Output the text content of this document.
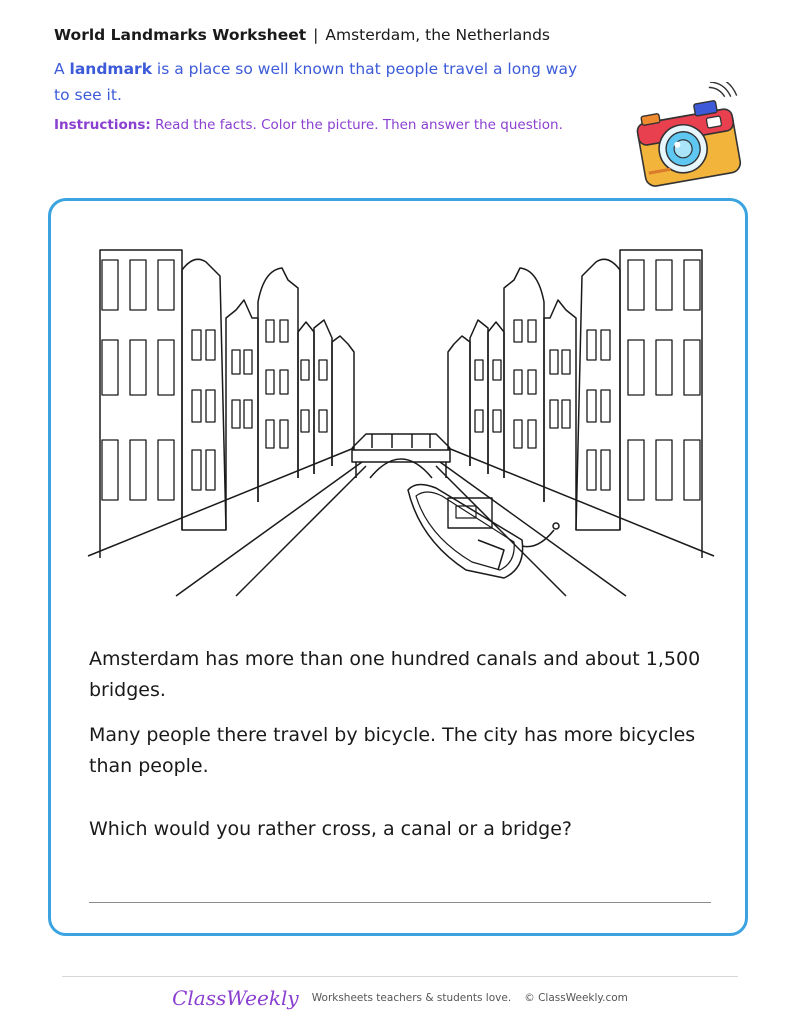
World Landmarks Worksheet | Amsterdam, the Netherlands
A landmark is a place so well known that people travel a long way to see it.
Instructions: Read the facts. Color the picture. Then answer the question.

Amsterdam has more than one hundred canals and about 1,500 bridges.

Many people there travel by bicycle. The city has more bicycles than people.

Which would you rather cross, a canal or a bridge?
ClassWeekly Worksheets teachers & students love. © ClassWeekly.com
